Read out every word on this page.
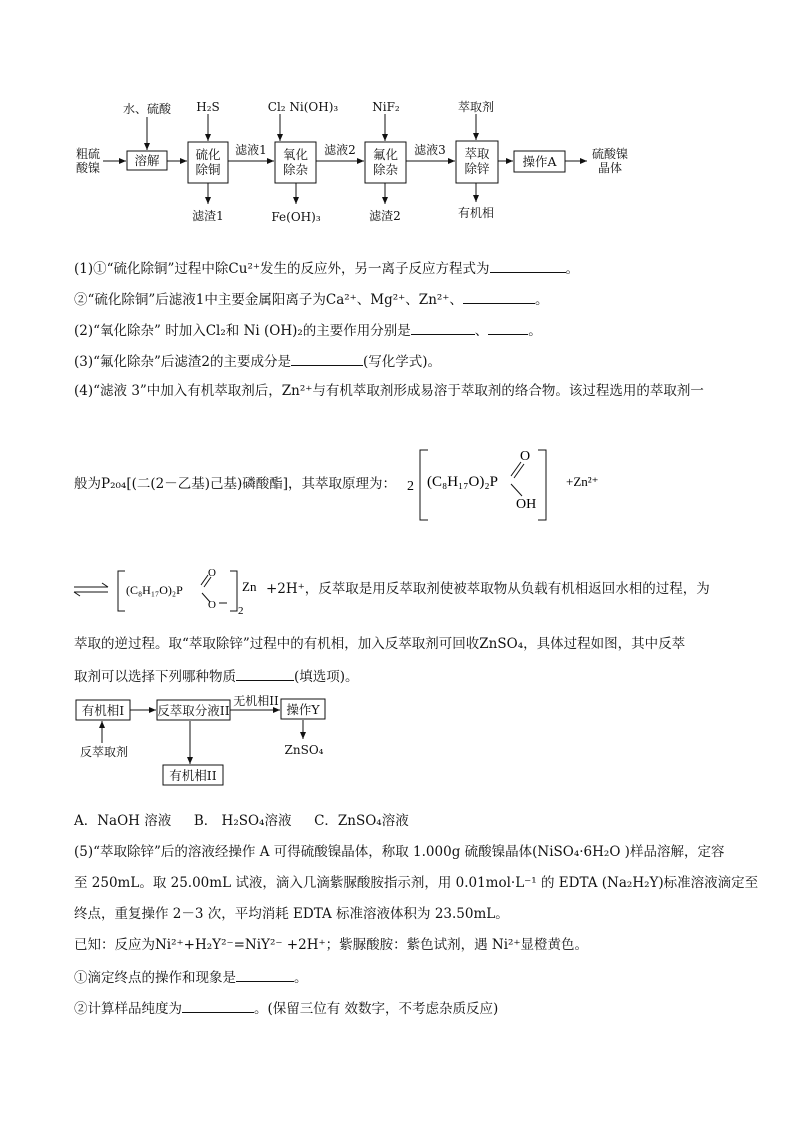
粗硫
酸镍
水、硫酸
溶解
H₂S
硫化
除铜
滤液1
滤渣1
Cl₂ Ni(OH)₃
氧化
除杂
滤液2
Fe(OH)₃
NiF₂
氟化
除杂
滤液3
滤渣2
萃取剂
萃取
除锌
有机相
操作A	硫酸镍
晶体
(1)①“硫化除铜”过程中除Cu²⁺发生的反应外，另一离子反应方程式为	。
②“硫化除铜”后滤液1中主要金属阳离子为Ca²⁺、Mg²⁺、Zn²⁺、	。
(2)“氧化除杂” 时加入Cl₂和 Ni (OH)₂的主要作用分别是	、	。
(3)“氟化除杂”后滤渣2的主要成分是	(写化学式)。
(4)“滤液 3”中加入有机萃取剂后，Zn²⁺与有机萃取剂形成易溶于萃取剂的络合物。该过程选用的萃取剂一
般为P₂₀₄[(二(2－乙基)己基)磷酸酯]，其萃取原理为： 2 (C₈H₁₇O)₂P
O
OH
+Zn²⁺
(C₈H₁₇O)₂P
O
O
Zn
2
+2H⁺，反萃取是用反萃取剂使被萃取物从负载有机相返回水相的过程，为
萃取的逆过程。取“萃取除锌”过程中的有机相，加入反萃取剂可回收ZnSO₄，具体过程如图，其中反萃
取剂可以选择下列哪种物质	(填选项)。
有机相I
反萃取剂
反萃取分液II
无机相II
操作Y
ZnSO₄
有机相II
A．NaOH 溶液 B． H₂SO₄溶液 C．ZnSO₄溶液
(5)“萃取除锌”后的溶液经操作 A 可得硫酸镍晶体，称取 1.000g 硫酸镍晶体(NiSO₄·6H₂O )样品溶解，定容
至 250mL。取 25.00mL 试液，滴入几滴紫脲酸胺指示剂，用 0.01mol·L⁻¹ 的 EDTA (Na₂H₂Y)标准溶液滴定至
终点，重复操作 2－3 次，平均消耗 EDTA 标准溶液体积为 23.50mL。
已知：反应为Ni²⁺+H₂Y²⁻=NiY²⁻ +2H⁺；紫脲酸胺：紫色试剂，遇 Ni²⁺显橙黄色。
①滴定终点的操作和现象是	。
②计算样品纯度为	。(保留三位有 效数字，不考虑杂质反应)
